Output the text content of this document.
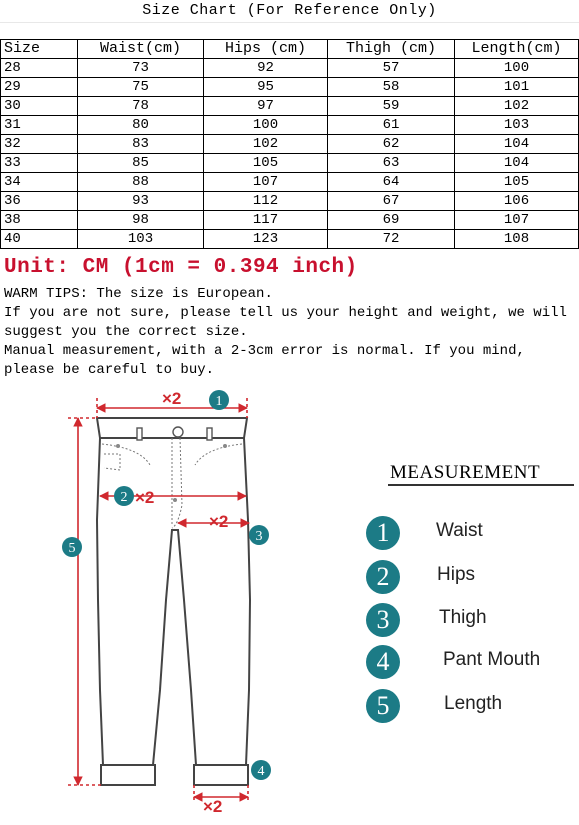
Size Chart (For Reference Only)
Size	Waist(cm)	Hips (cm)	Thigh (cm)	Length(cm)
28	73	92	57	100
29	75	95	58	101
30	78	97	59	102
31	80	100	61	103
32	83	102	62	104
33	85	105	63	104
34	88	107	64	105
36	93	112	67	106
38	98	117	69	107
40	103	123	72	108
Unit: CM (1cm = 0.394 inch)

WARM TIPS: The size is European.

If you are not sure, please tell us your height and weight, we will suggest you the correct size.

Manual measurement, with a 2-3cm error is normal. If you mind, please be careful to buy.

×2
×2
×2
×2
1
2
3
4
5
MEASUREMENT
1	Waist
2	Hips
3	Thigh
4	Pant Mouth
5	Length
